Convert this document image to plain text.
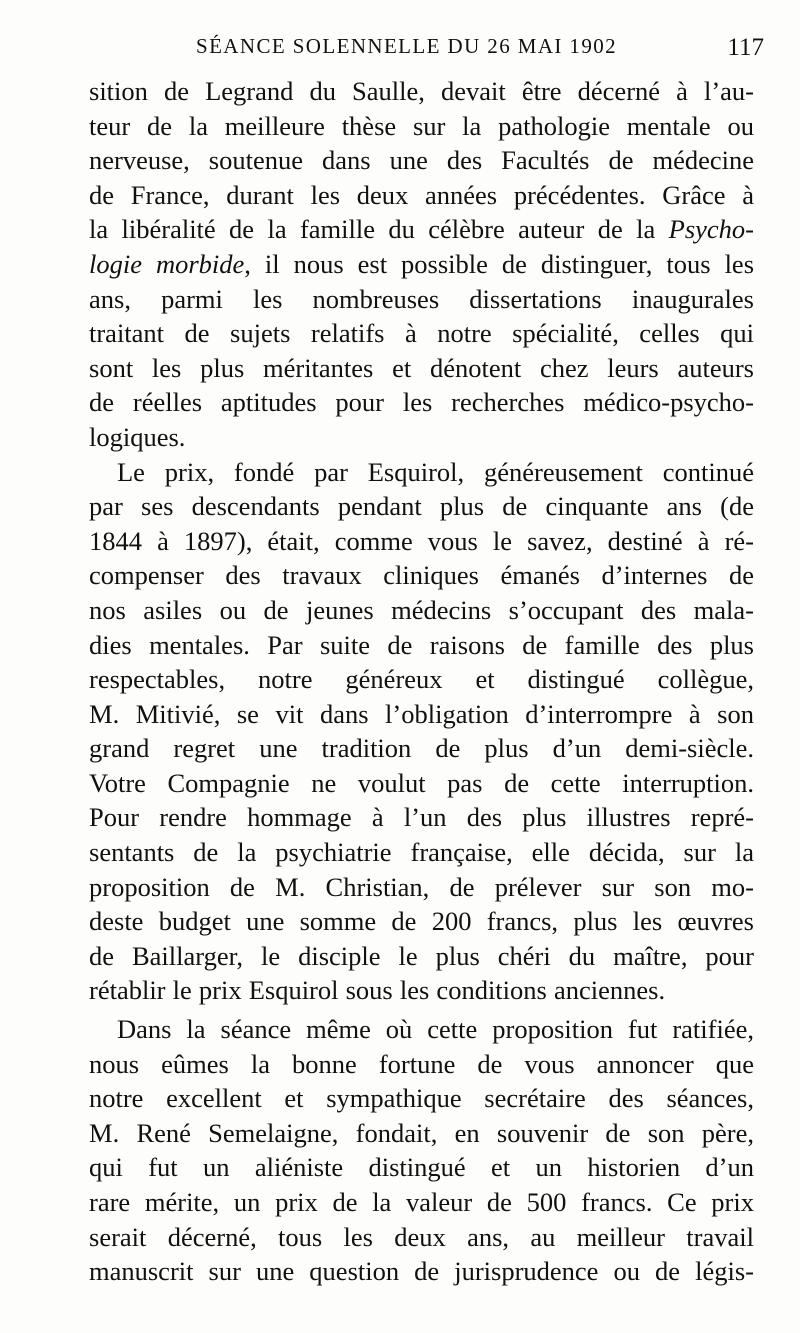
SÉANCE SOLENNELLE DU 26 MAI 1902	117
sition de Legrand du Saulle, devait être décerné à l’au-
teur de la meilleure thèse sur la pathologie mentale ou
nerveuse, soutenue dans une des Facultés de médecine
de France, durant les deux années précédentes. Grâce à
la libéralité de la famille du célèbre auteur de la Psycho-
logie morbide, il nous est possible de distinguer, tous les
ans, parmi les nombreuses dissertations inaugurales
traitant de sujets relatifs à notre spécialité, celles qui
sont les plus méritantes et dénotent chez leurs auteurs
de réelles aptitudes pour les recherches médico-psycho-
logiques.
Le prix, fondé par Esquirol, généreusement continué
par ses descendants pendant plus de cinquante ans (de
1844 à 1897), était, comme vous le savez, destiné à ré-
compenser des travaux cliniques émanés d’internes de
nos asiles ou de jeunes médecins s’occupant des mala-
dies mentales. Par suite de raisons de famille des plus
respectables, notre généreux et distingué collègue,
M. Mitivié, se vit dans l’obligation d’interrompre à son
grand regret une tradition de plus d’un demi-siècle.
Votre Compagnie ne voulut pas de cette interruption.
Pour rendre hommage à l’un des plus illustres repré-
sentants de la psychiatrie française, elle décida, sur la
proposition de M. Christian, de prélever sur son mo-
deste budget une somme de 200 francs, plus les œuvres
de Baillarger, le disciple le plus chéri du maître, pour
rétablir le prix Esquirol sous les conditions anciennes.
Dans la séance même où cette proposition fut ratifiée,
nous eûmes la bonne fortune de vous annoncer que
notre excellent et sympathique secrétaire des séances,
M. René Semelaigne, fondait, en souvenir de son père,
qui fut un aliéniste distingué et un historien d’un
rare mérite, un prix de la valeur de 500 francs. Ce prix
serait décerné, tous les deux ans, au meilleur travail
manuscrit sur une question de jurisprudence ou de légis-
